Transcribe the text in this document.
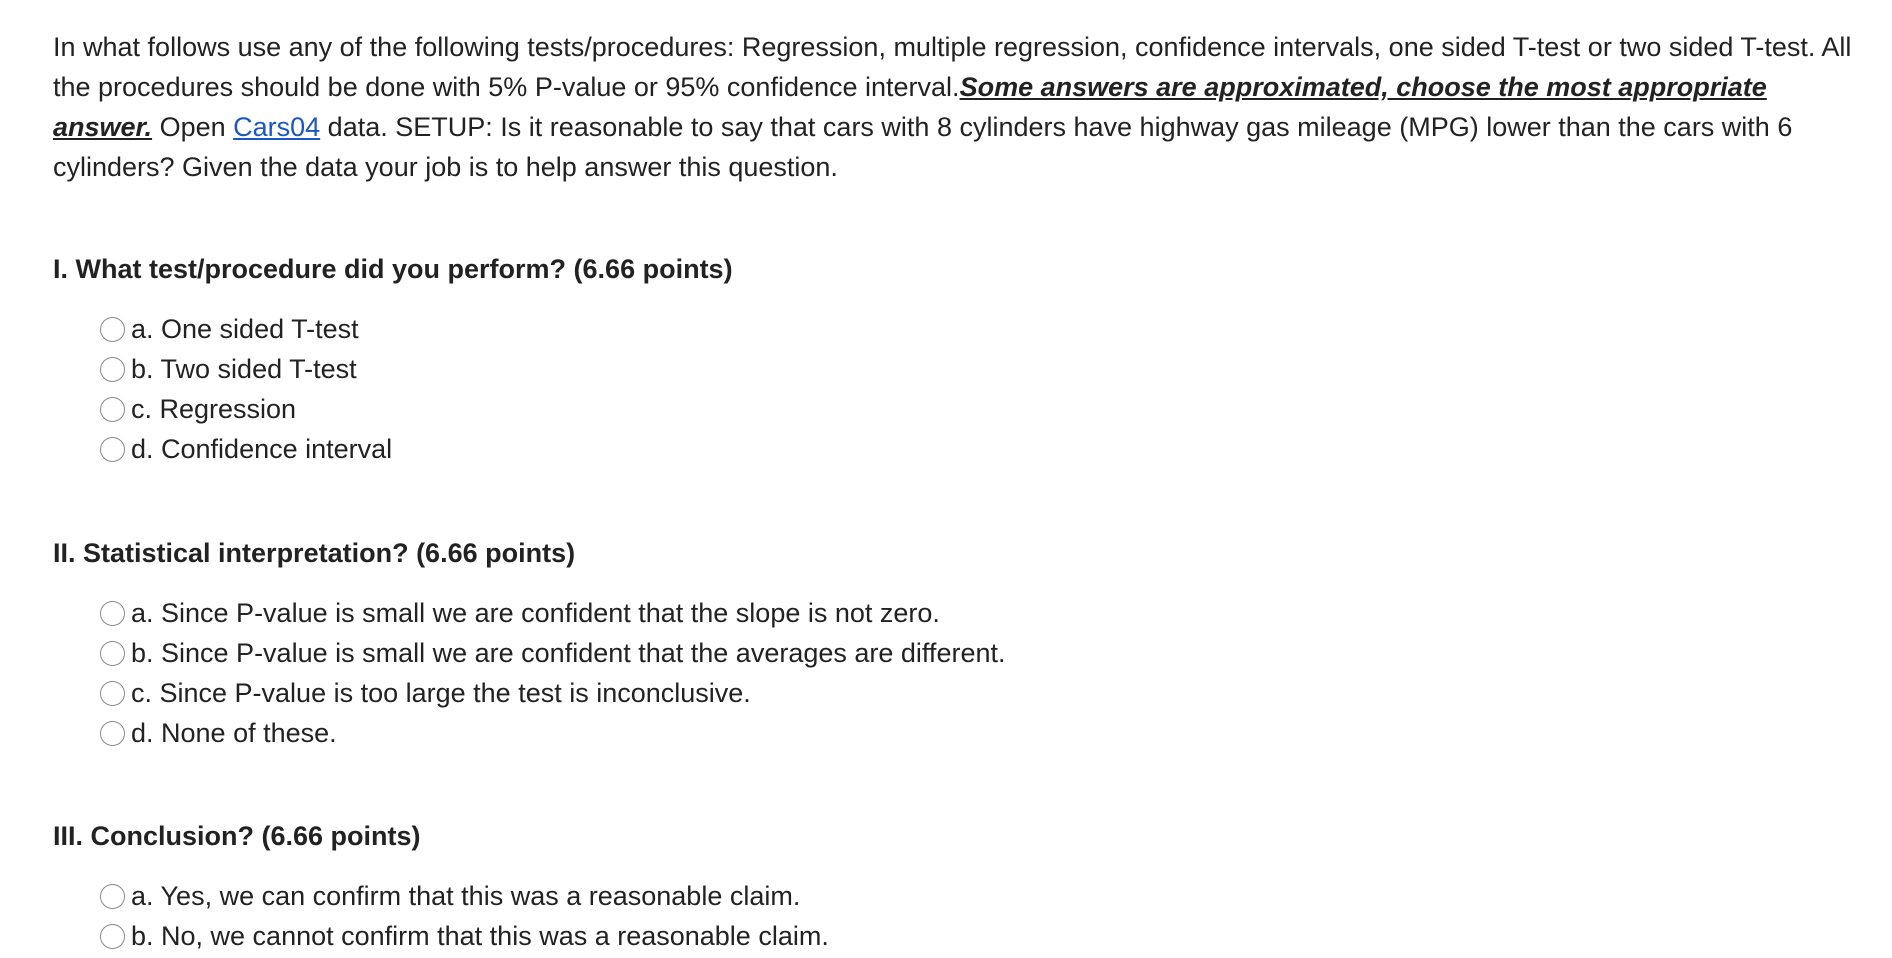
In what follows use any of the following tests/procedures: Regression, multiple regression, confidence intervals, one sided T-test or two sided T-test. All the procedures should be done with 5% P-value or 95% confidence interval.Some answers are approximated, choose the most appropriate answer. Open Cars04 data. SETUP: Is it reasonable to say that cars with 8 cylinders have highway gas mileage (MPG) lower than the cars with 6 cylinders? Given the data your job is to help answer this question.

I. What test/procedure did you perform? (6.66 points)
a. One sided T-test
b. Two sided T-test
c. Regression
d. Confidence interval
II. Statistical interpretation? (6.66 points)
a. Since P-value is small we are confident that the slope is not zero.
b. Since P-value is small we are confident that the averages are different.
c. Since P-value is too large the test is inconclusive.
d. None of these.
III. Conclusion? (6.66 points)
a. Yes, we can confirm that this was a reasonable claim.
b. No, we cannot confirm that this was a reasonable claim.
